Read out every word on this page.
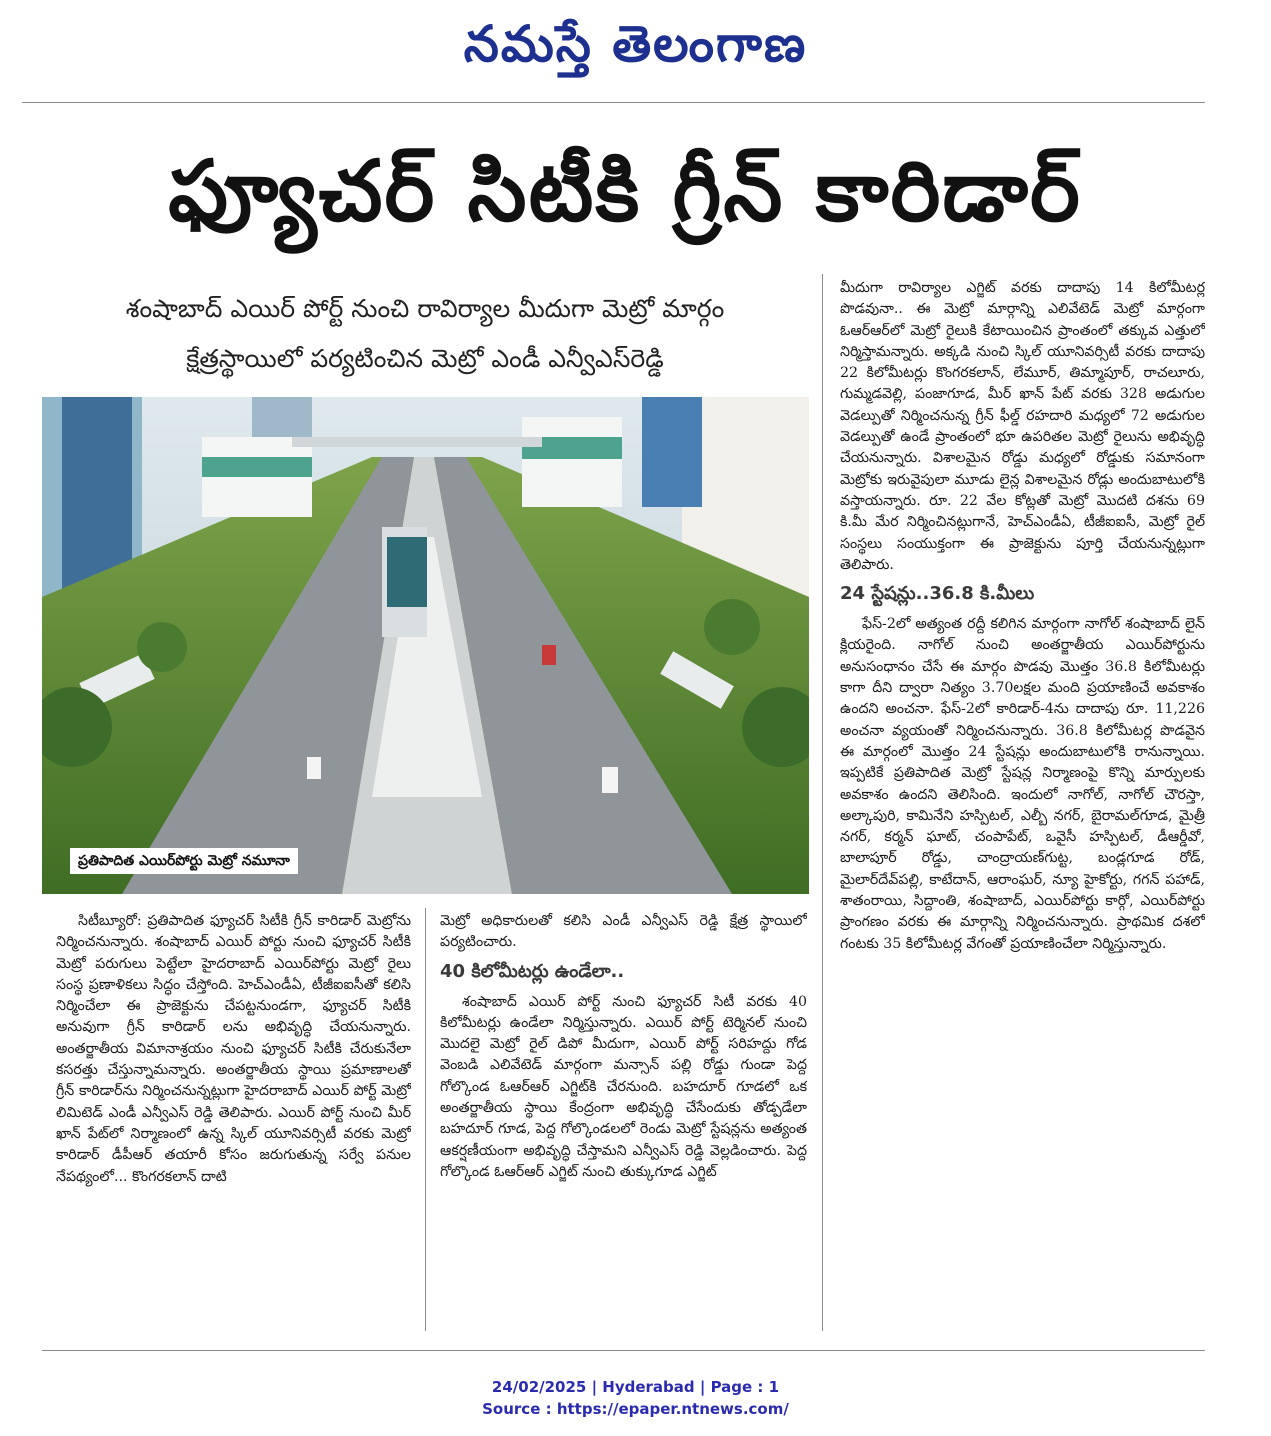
నమస్తే తెలంగాణ
ఫ్యూచర్ సిటీకి గ్రీన్ కారిడార్
శంషాబాద్ ఎయిర్ పోర్ట్ నుంచి రావిర్యాల మీదుగా మెట్రో మార్గం
క్షేత్రస్థాయిలో పర్యటించిన మెట్రో ఎండీ ఎన్వీఎస్‌రెడ్డి
ప్రతిపాదిత ఎయిర్‌పోర్టు మెట్రో నమూనా

సిటీబ్యూరో: ప్రతిపాదిత ఫ్యూచర్ సిటీకి గ్రీన్ కారిడార్ మెట్రోను నిర్మించనున్నారు. శంషాబాద్ ఎయిర్ పోర్టు నుంచి ఫ్యూచర్ సిటీకి మెట్రో పరుగులు పెట్టేలా హైదరాబాద్ ఎయిర్‌పోర్టు మెట్రో రైలు సంస్థ ప్రణాళికలు సిద్ధం చేస్తోంది. హెచ్‌ఎండీఏ, టీజీఐఐసీతో కలిసి నిర్మించేలా ఈ ప్రాజెక్టును చేపట్టనుండగా, ఫ్యూచర్ సిటీకి అనువుగా గ్రీన్ కారిడార్ లను అభివృద్ధి చేయనున్నారు. అంతర్జాతీయ విమానాశ్రయం నుంచి ఫ్యూచర్ సిటీకి చేరుకునేలా కసరత్తు చేస్తున్నామన్నారు. అంతర్జాతీయ స్థాయి ప్రమాణాలతో గ్రీన్ కారిడార్‌ను నిర్మించనున్నట్లుగా హైదరాబాద్ ఎయిర్ పోర్ట్ మెట్రో లిమిటెడ్ ఎండీ ఎన్వీఎస్ రెడ్డి తెలిపారు. ఎయిర్ పోర్ట్ నుంచి మీర్ ఖాన్ పేట్‌లో నిర్మాణంలో ఉన్న స్కిల్ యూనివర్సిటీ వరకు మెట్రో కారిడార్ డీపీఆర్ తయారీ కోసం జరుగుతున్న సర్వే పనుల నేపథ్యంలో... కొంగరకలాన్ దాటి

మెట్రో అధికారులతో కలిసి ఎండీ ఎన్వీఎస్ రెడ్డి క్షేత్ర స్థాయిలో పర్యటించారు.

40 కిలోమీటర్లు ఉండేలా..

శంషాబాద్ ఎయిర్ పోర్ట్ నుంచి ఫ్యూచర్ సిటీ వరకు 40 కిలోమీటర్లు ఉండేలా నిర్మిస్తున్నారు. ఎయిర్ పోర్ట్ టెర్మినల్ నుంచి మొదలై మెట్రో రైల్ డిపో మీదుగా, ఎయిర్ పోర్ట్ సరిహద్దు గోడ వెంబడి ఎలివేటెడ్ మార్గంగా మన్సాన్ పల్లి రోడ్డు గుండా పెద్ద గోల్కొండ ఓఆర్ఆర్ ఎగ్జిట్‌కి చేరనుంది. బహదూర్ గూడలో ఒక అంతర్జాతీయ స్థాయి కేంద్రంగా అభివృద్ధి చేసేందుకు తోడ్పడేలా బహదూర్ గూడ, పెద్ద గోల్కొండలలో రెండు మెట్రో స్టేషన్లను అత్యంత ఆకర్షణీయంగా అభివృద్ధి చేస్తామని ఎన్వీఎస్ రెడ్డి వెల్లడించారు. పెద్ద గోల్కొండ ఓఆర్ఆర్ ఎగ్జిట్ నుంచి తుక్కుగూడ ఎగ్జిట్

మీదుగా రావిర్యాల ఎగ్జిట్ వరకు దాదాపు 14 కిలోమీటర్ల పొడవునా.. ఈ మెట్రో మార్గాన్ని ఎలివేటెడ్ మెట్రో మార్గంగా ఓఆర్ఆర్‌లో మెట్రో రైలుకి కేటాయించిన ప్రాంతంలో తక్కువ ఎత్తులో నిర్మిస్తామన్నారు. అక్కడి నుంచి స్కిల్ యూనివర్సిటీ వరకు దాదాపు 22 కిలోమీటర్లు కొంగరకలాన్, లేమూర్, తిమ్మాపూర్, రాచలూరు, గుమ్మడవెల్లి, పంజాగూడ, మీర్ ఖాన్ పేట్ వరకు 328 అడుగుల వెడల్పుతో నిర్మించనున్న గ్రీన్ ఫీల్డ్ రహదారి మధ్యలో 72 అడుగుల వెడల్పుతో ఉండే ప్రాంతంలో భూ ఉపరితల మెట్రో రైలును అభివృద్ధి చేయనున్నారు. విశాలమైన రోడ్డు మధ్యలో రోడ్డుకు సమానంగా మెట్రోకు ఇరువైపులా మూడు లైన్ల విశాలమైన రోడ్లు అందుబాటులోకి వస్తాయన్నారు. రూ. 22 వేల కోట్లతో మెట్రో మొదటి దశను 69 కి.మీ మేర నిర్మించినట్లుగానే, హెచ్‌ఎండీఏ, టీజీఐఐసీ, మెట్రో రైల్ సంస్థలు సంయుక్తంగా ఈ ప్రాజెక్టును పూర్తి చేయనున్నట్లుగా తెలిపారు.

24 స్టేషన్లు..36.8 కి.మీలు

ఫేస్-2లో అత్యంత రద్దీ కలిగిన మార్గంగా నాగోల్ శంషాబాద్ లైన్ క్లియరైంది. నాగోల్ నుంచి అంతర్జాతీయ ఎయిర్‌పోర్టును అనుసంధానం చేసే ఈ మార్గం పొడవు మొత్తం 36.8 కిలోమీటర్లు కాగా దీని ద్వారా నిత్యం 3.70లక్షల మంది ప్రయాణించే అవకాశం ఉందని అంచనా. ఫేస్-2లో కారిడార్-4ను దాదాపు రూ. 11,226 అంచనా వ్యయంతో నిర్మించనున్నారు. 36.8 కిలోమీటర్ల పొడవైన ఈ మార్గంలో మొత్తం 24 స్టేషన్లు అందుబాటులోకి రానున్నాయి. ఇప్పటికే ప్రతిపాదిత మెట్రో స్టేషన్ల నిర్మాణంపై కొన్ని మార్పులకు అవకాశం ఉందని తెలిసింది. ఇందులో నాగోల్, నాగోల్ చౌరస్తా, అల్కాపురి, కామినేని హస్పిటల్, ఎల్బీ నగర్, బైరామల్‌గూడ, మైత్రీ నగర్, కర్మన్ ఘాట్, చంపాపేట్, ఒవైసీ హస్పిటల్, డీఆర్డీవో, బాలాపూర్ రోడ్డు, చాంద్రాయణ్‌గుట్ట, బండ్లగూడ రోడ్, మైలార్‌దేవ్‌పల్లి, కాటేదాన్, ఆరాంఘర్, న్యూ హైకోర్టు, గగన్ పహాడ్, శాతంరాయి, సిద్దాంతి, శంషాబాద్, ఎయిర్‌పోర్టు కార్గో, ఎయిర్‌పోర్టు ప్రాంగణం వరకు ఈ మార్గాన్ని నిర్మించనున్నారు. ప్రాథమిక దశలో గంటకు 35 కిలోమీటర్ల వేగంతో ప్రయాణించేలా నిర్మిస్తున్నారు.

24/02/2025 | Hyderabad | Page : 1
Source : https://epaper.ntnews.com/
